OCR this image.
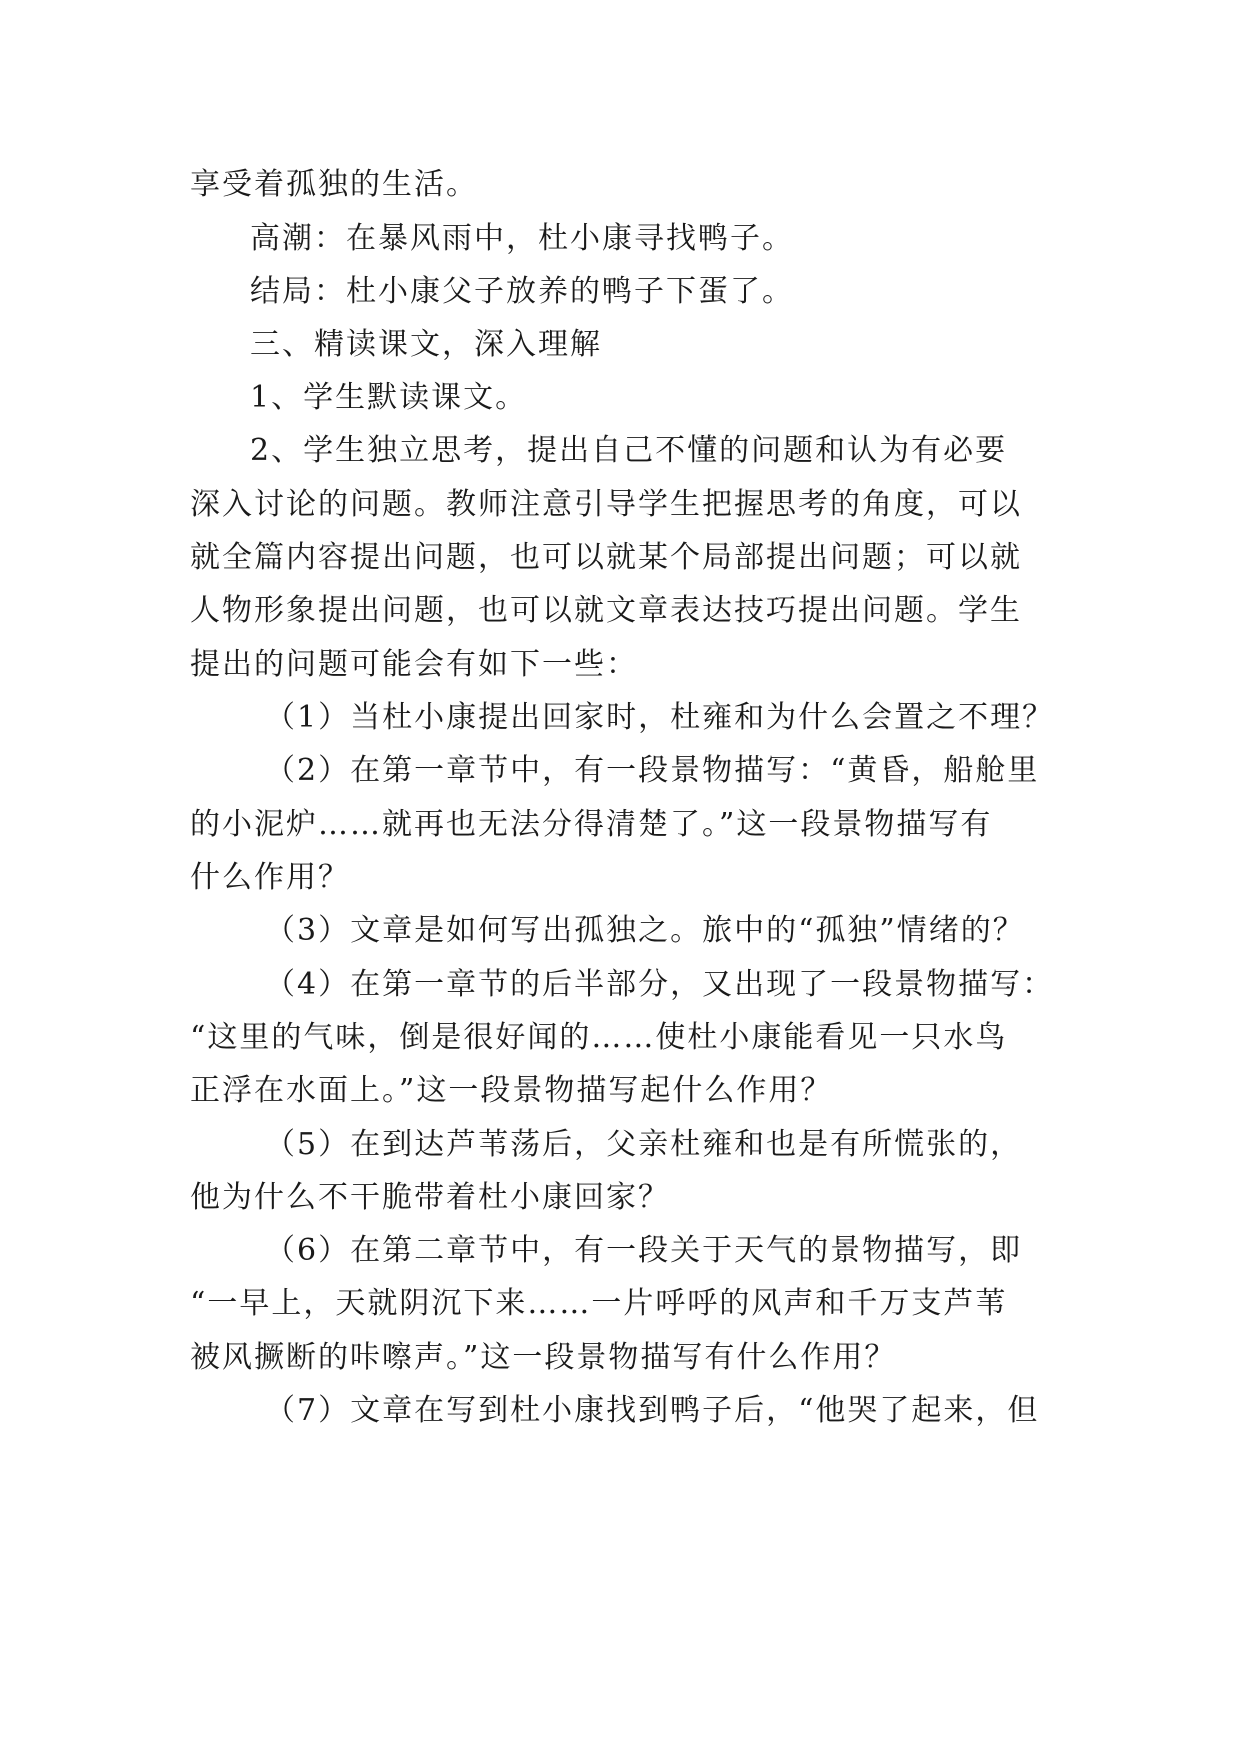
享受着孤独的生活。
高潮：在暴风雨中，杜小康寻找鸭子。
结局：杜小康父子放养的鸭子下蛋了。
三、精读课文，深入理解
1、学生默读课文。
2、学生独立思考，提出自己不懂的问题和认为有必要
深入讨论的问题。教师注意引导学生把握思考的角度，可以
就全篇内容提出问题，也可以就某个局部提出问题；可以就
人物形象提出问题，也可以就文章表达技巧提出问题。学生
提出的问题可能会有如下一些：
（1）当杜小康提出回家时，杜雍和为什么会置之不理？
（2）在第一章节中，有一段景物描写：“黄昏，船舱里
的小泥炉……就再也无法分得清楚了。”这一段景物描写有
什么作用？
（3）文章是如何写出孤独之。旅中的“孤独”情绪的？
（4）在第一章节的后半部分，又出现了一段景物描写：
“这里的气味，倒是很好闻的……使杜小康能看见一只水鸟
正浮在水面上。”这一段景物描写起什么作用？
（5）在到达芦苇荡后，父亲杜雍和也是有所慌张的，
他为什么不干脆带着杜小康回家？
（6）在第二章节中，有一段关于天气的景物描写，即
“一早上，天就阴沉下来……一片呼呼的风声和千万支芦苇
被风撅断的咔嚓声。”这一段景物描写有什么作用？
（7）文章在写到杜小康找到鸭子后，“他哭了起来，但
